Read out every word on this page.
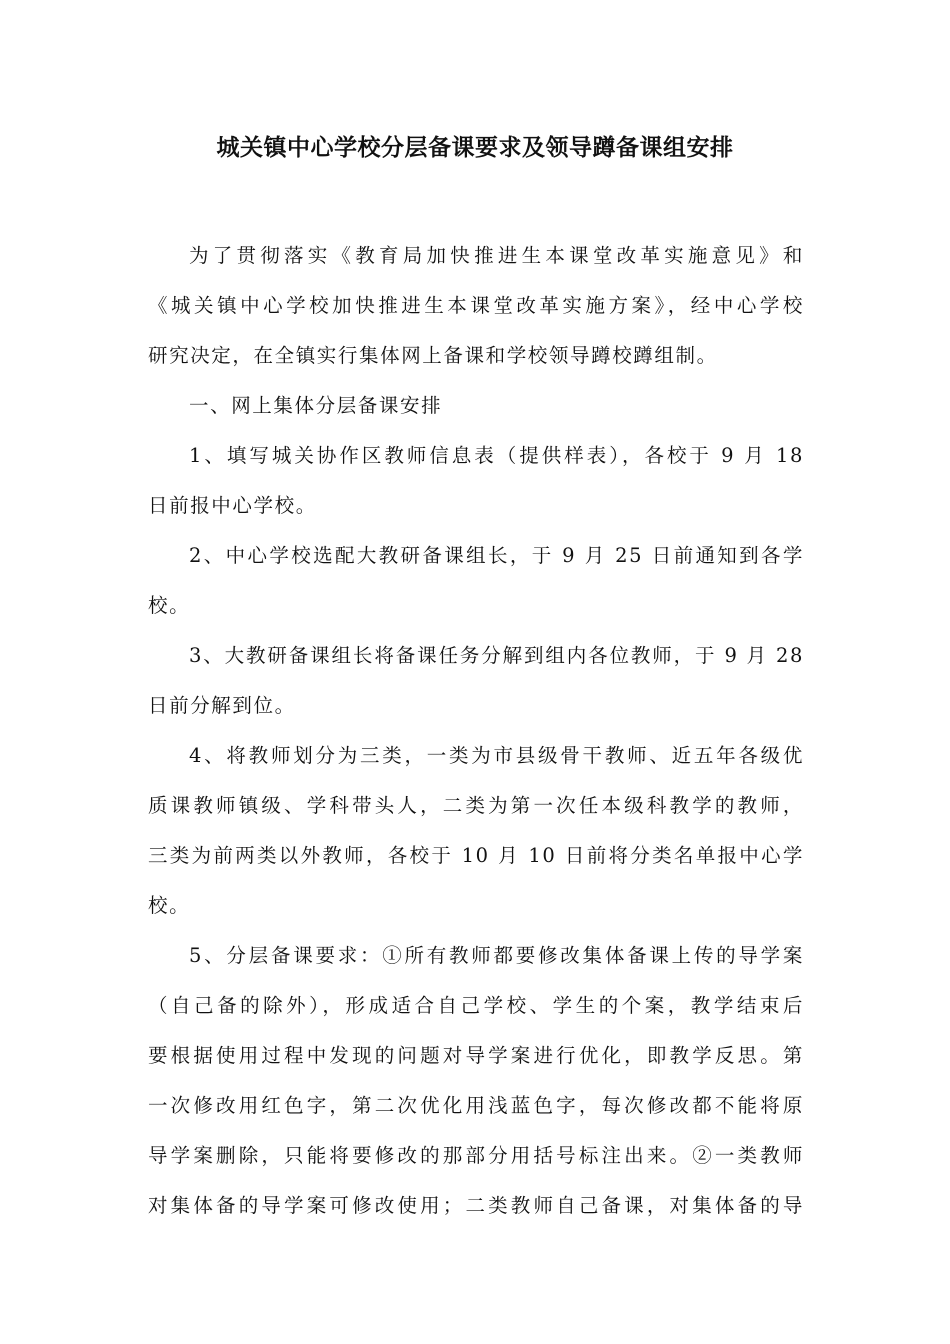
城关镇中心学校分层备课要求及领导蹲备课组安排
为了贯彻落实《教育局加快推进生本课堂改革实施意见》和
《城关镇中心学校加快推进生本课堂改革实施方案》，经中心学校
研究决定，在全镇实行集体网上备课和学校领导蹲校蹲组制。
一、网上集体分层备课安排
1、填写城关协作区教师信息表（提供样表），各校于 9 月 18
日前报中心学校。
2、中心学校选配大教研备课组长，于 9 月 25 日前通知到各学
校。
3、大教研备课组长将备课任务分解到组内各位教师，于 9 月 28
日前分解到位。
4、将教师划分为三类，一类为市县级骨干教师、近五年各级优
质课教师镇级、学科带头人，二类为第一次任本级科教学的教师，
三类为前两类以外教师，各校于 10 月 10 日前将分类名单报中心学
校。
5、分层备课要求：①所有教师都要修改集体备课上传的导学案
（自己备的除外），形成适合自己学校、学生的个案，教学结束后
要根据使用过程中发现的问题对导学案进行优化，即教学反思。第
一次修改用红色字，第二次优化用浅蓝色字，每次修改都不能将原
导学案删除，只能将要修改的那部分用括号标注出来。②一类教师
对集体备的导学案可修改使用；二类教师自己备课，对集体备的导
